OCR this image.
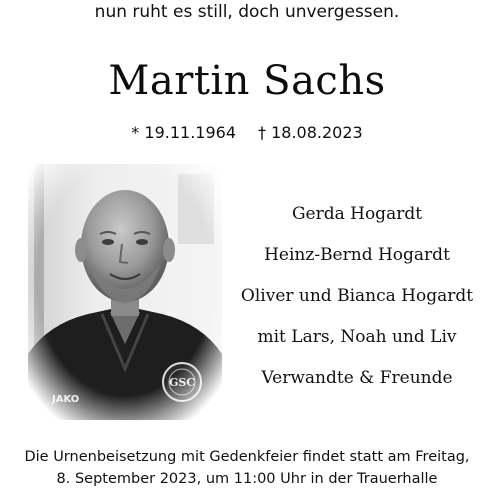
nun ruht es still, doch unvergessen.
Martin Sachs
* 19.11.1964 † 18.08.2023
Gerda Hogardt
Heinz-Bernd Hogardt
Oliver und Bianca Hogardt
mit Lars, Noah und Liv
Verwandte & Freunde
Die Urnenbeisetzung mit Gedenkfeier findet statt am Freitag,
8. September 2023, um 11:00 Uhr in der Trauerhalle
